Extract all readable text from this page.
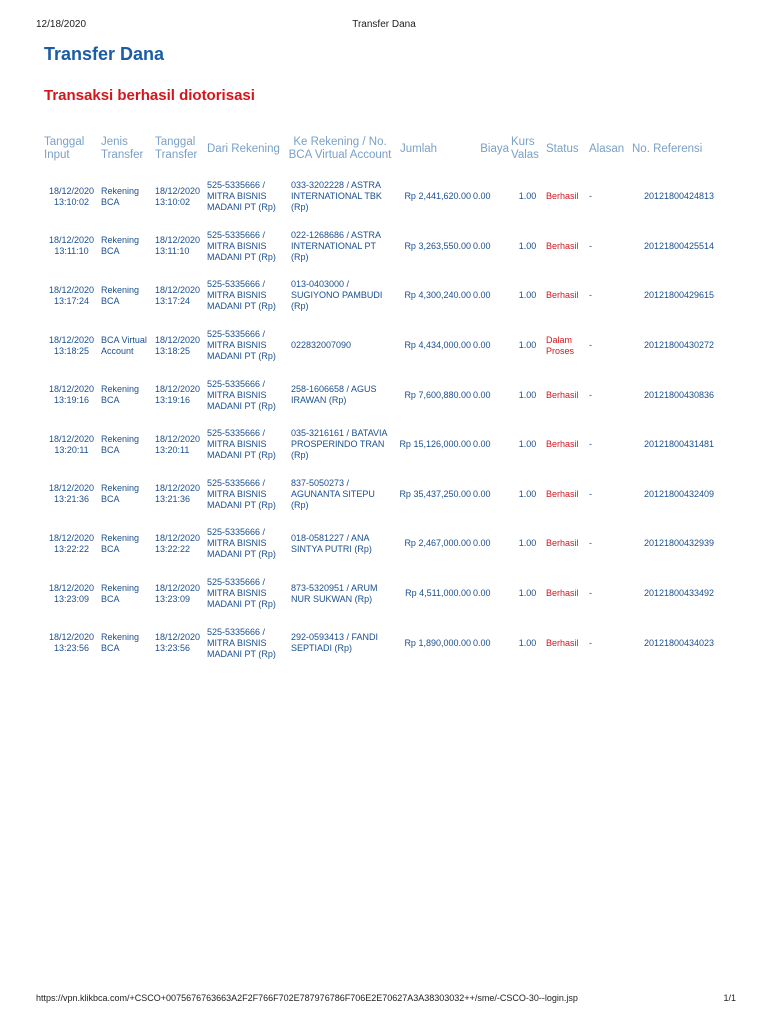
12/18/2020	Transfer Dana
Transfer Dana
Transaksi berhasil diotorisasi
Tanggal Input	Jenis Transfer	Tanggal Transfer	Dari Rekening	Ke Rekening / No. BCA Virtual Account	Jumlah	Biaya	Kurs Valas	Status	Alasan	No. Referensi
18/12/2020 13:10:02	Rekening BCA	18/12/2020 13:10:02	525-5335666 / MITRA BISNIS MADANI PT (Rp)	033-3202228 / ASTRA INTERNATIONAL TBK (Rp)	Rp 2,441,620.00	0.00	1.00	Berhasil	-	20121800424813
18/12/2020 13:11:10	Rekening BCA	18/12/2020 13:11:10	525-5335666 / MITRA BISNIS MADANI PT (Rp)	022-1268686 / ASTRA INTERNATIONAL PT (Rp)	Rp 3,263,550.00	0.00	1.00	Berhasil	-	20121800425514
18/12/2020 13:17:24	Rekening BCA	18/12/2020 13:17:24	525-5335666 / MITRA BISNIS MADANI PT (Rp)	013-0403000 / SUGIYONO PAMBUDI (Rp)	Rp 4,300,240.00	0.00	1.00	Berhasil	-	20121800429615
18/12/2020 13:18:25	BCA Virtual Account	18/12/2020 13:18:25	525-5335666 / MITRA BISNIS MADANI PT (Rp)	022832007090	Rp 4,434,000.00	0.00	1.00	Dalam Proses	-	20121800430272
18/12/2020 13:19:16	Rekening BCA	18/12/2020 13:19:16	525-5335666 / MITRA BISNIS MADANI PT (Rp)	258-1606658 / AGUS IRAWAN (Rp)	Rp 7,600,880.00	0.00	1.00	Berhasil	-	20121800430836
18/12/2020 13:20:11	Rekening BCA	18/12/2020 13:20:11	525-5335666 / MITRA BISNIS MADANI PT (Rp)	035-3216161 / BATAVIA PROSPERINDO TRAN (Rp)	Rp 15,126,000.00	0.00	1.00	Berhasil	-	20121800431481
18/12/2020 13:21:36	Rekening BCA	18/12/2020 13:21:36	525-5335666 / MITRA BISNIS MADANI PT (Rp)	837-5050273 / AGUNANTA SITEPU (Rp)	Rp 35,437,250.00	0.00	1.00	Berhasil	-	20121800432409
18/12/2020 13:22:22	Rekening BCA	18/12/2020 13:22:22	525-5335666 / MITRA BISNIS MADANI PT (Rp)	018-0581227 / ANA SINTYA PUTRI (Rp)	Rp 2,467,000.00	0.00	1.00	Berhasil	-	20121800432939
18/12/2020 13:23:09	Rekening BCA	18/12/2020 13:23:09	525-5335666 / MITRA BISNIS MADANI PT (Rp)	873-5320951 / ARUM NUR SUKWAN (Rp)	Rp 4,511,000.00	0.00	1.00	Berhasil	-	20121800433492
18/12/2020 13:23:56	Rekening BCA	18/12/2020 13:23:56	525-5335666 / MITRA BISNIS MADANI PT (Rp)	292-0593413 / FANDI SEPTIADI (Rp)	Rp 1,890,000.00	0.00	1.00	Berhasil	-	20121800434023
https://vpn.klikbca.com/+CSCO+0075676763663A2F2F766F702E787976786F706E2E70627A3A38303032++/sme/-CSCO-30--login.jsp	1/1
